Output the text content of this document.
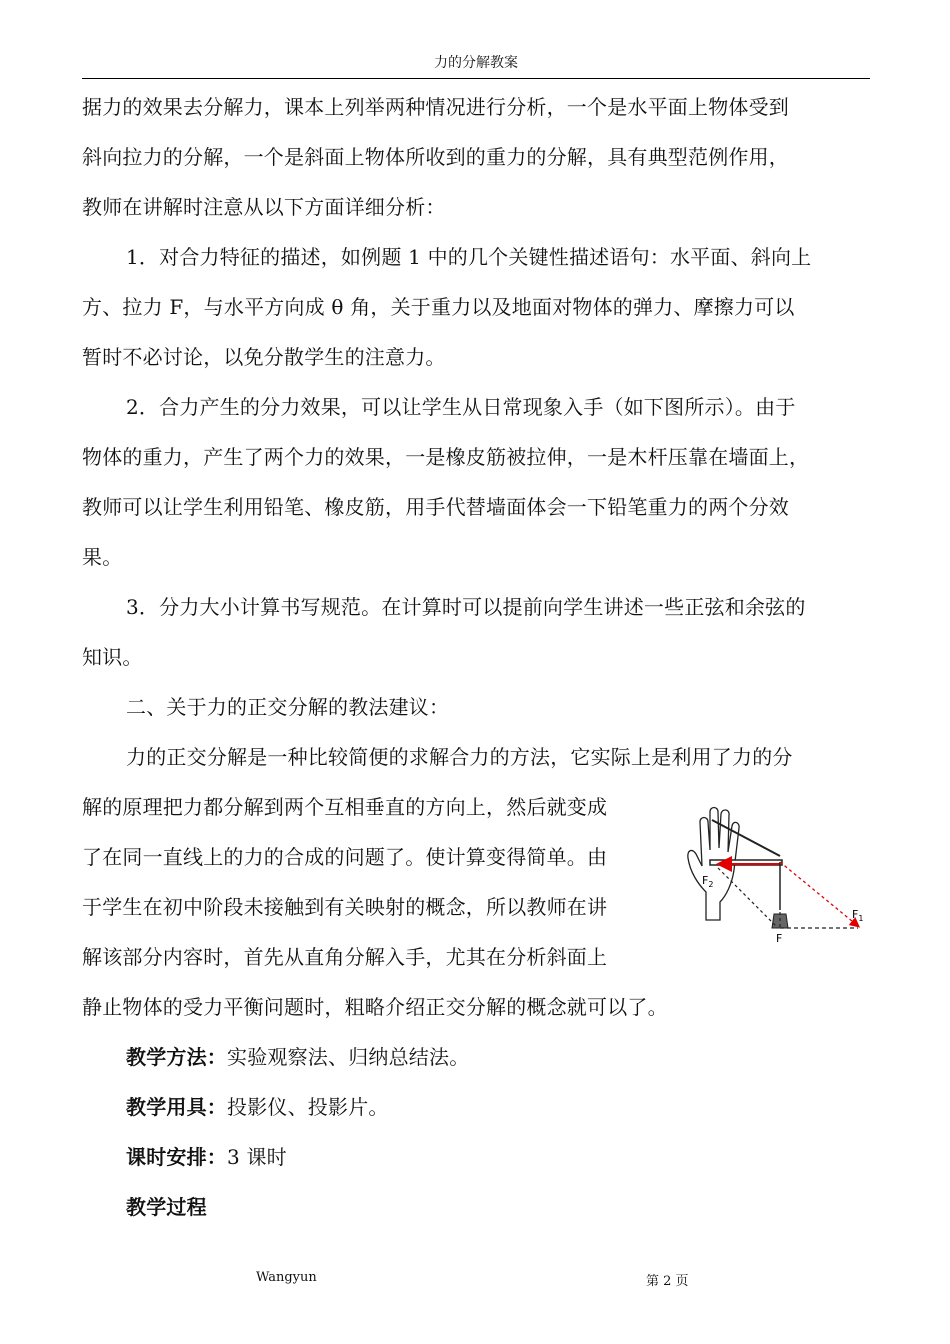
力的分解教案
据力的效果去分解力，课本上列举两种情况进行分析，一个是水平面上物体受到
斜向拉力的分解，一个是斜面上物体所收到的重力的分解，具有典型范例作用，
教师在讲解时注意从以下方面详细分析：
1．对合力特征的描述，如例题 1 中的几个关键性描述语句：水平面、斜向上
方、拉力 F，与水平方向成 θ 角，关于重力以及地面对物体的弹力、摩擦力可以
暂时不必讨论，以免分散学生的注意力。
2．合力产生的分力效果，可以让学生从日常现象入手（如下图所示）。由于
物体的重力，产生了两个力的效果，一是橡皮筋被拉伸，一是木杆压靠在墙面上，
教师可以让学生利用铅笔、橡皮筋，用手代替墙面体会一下铅笔重力的两个分效
果。
3．分力大小计算书写规范。在计算时可以提前向学生讲述一些正弦和余弦的
知识。
二、关于力的正交分解的教法建议：
力的正交分解是一种比较简便的求解合力的方法，它实际上是利用了力的分
解的原理把力都分解到两个互相垂直的方向上，然后就变成
了在同一直线上的力的合成的问题了。使计算变得简单。由
于学生在初中阶段未接触到有关映射的概念，所以教师在讲
解该部分内容时，首先从直角分解入手，尤其在分析斜面上
静止物体的受力平衡问题时，粗略介绍正交分解的概念就可以了。
教学方法：实验观察法、归纳总结法。
教学用具：投影仪、投影片。
课时安排：3 课时
教学过程
$F_2$
$F_1$
F
Wangyun	第 2 页
